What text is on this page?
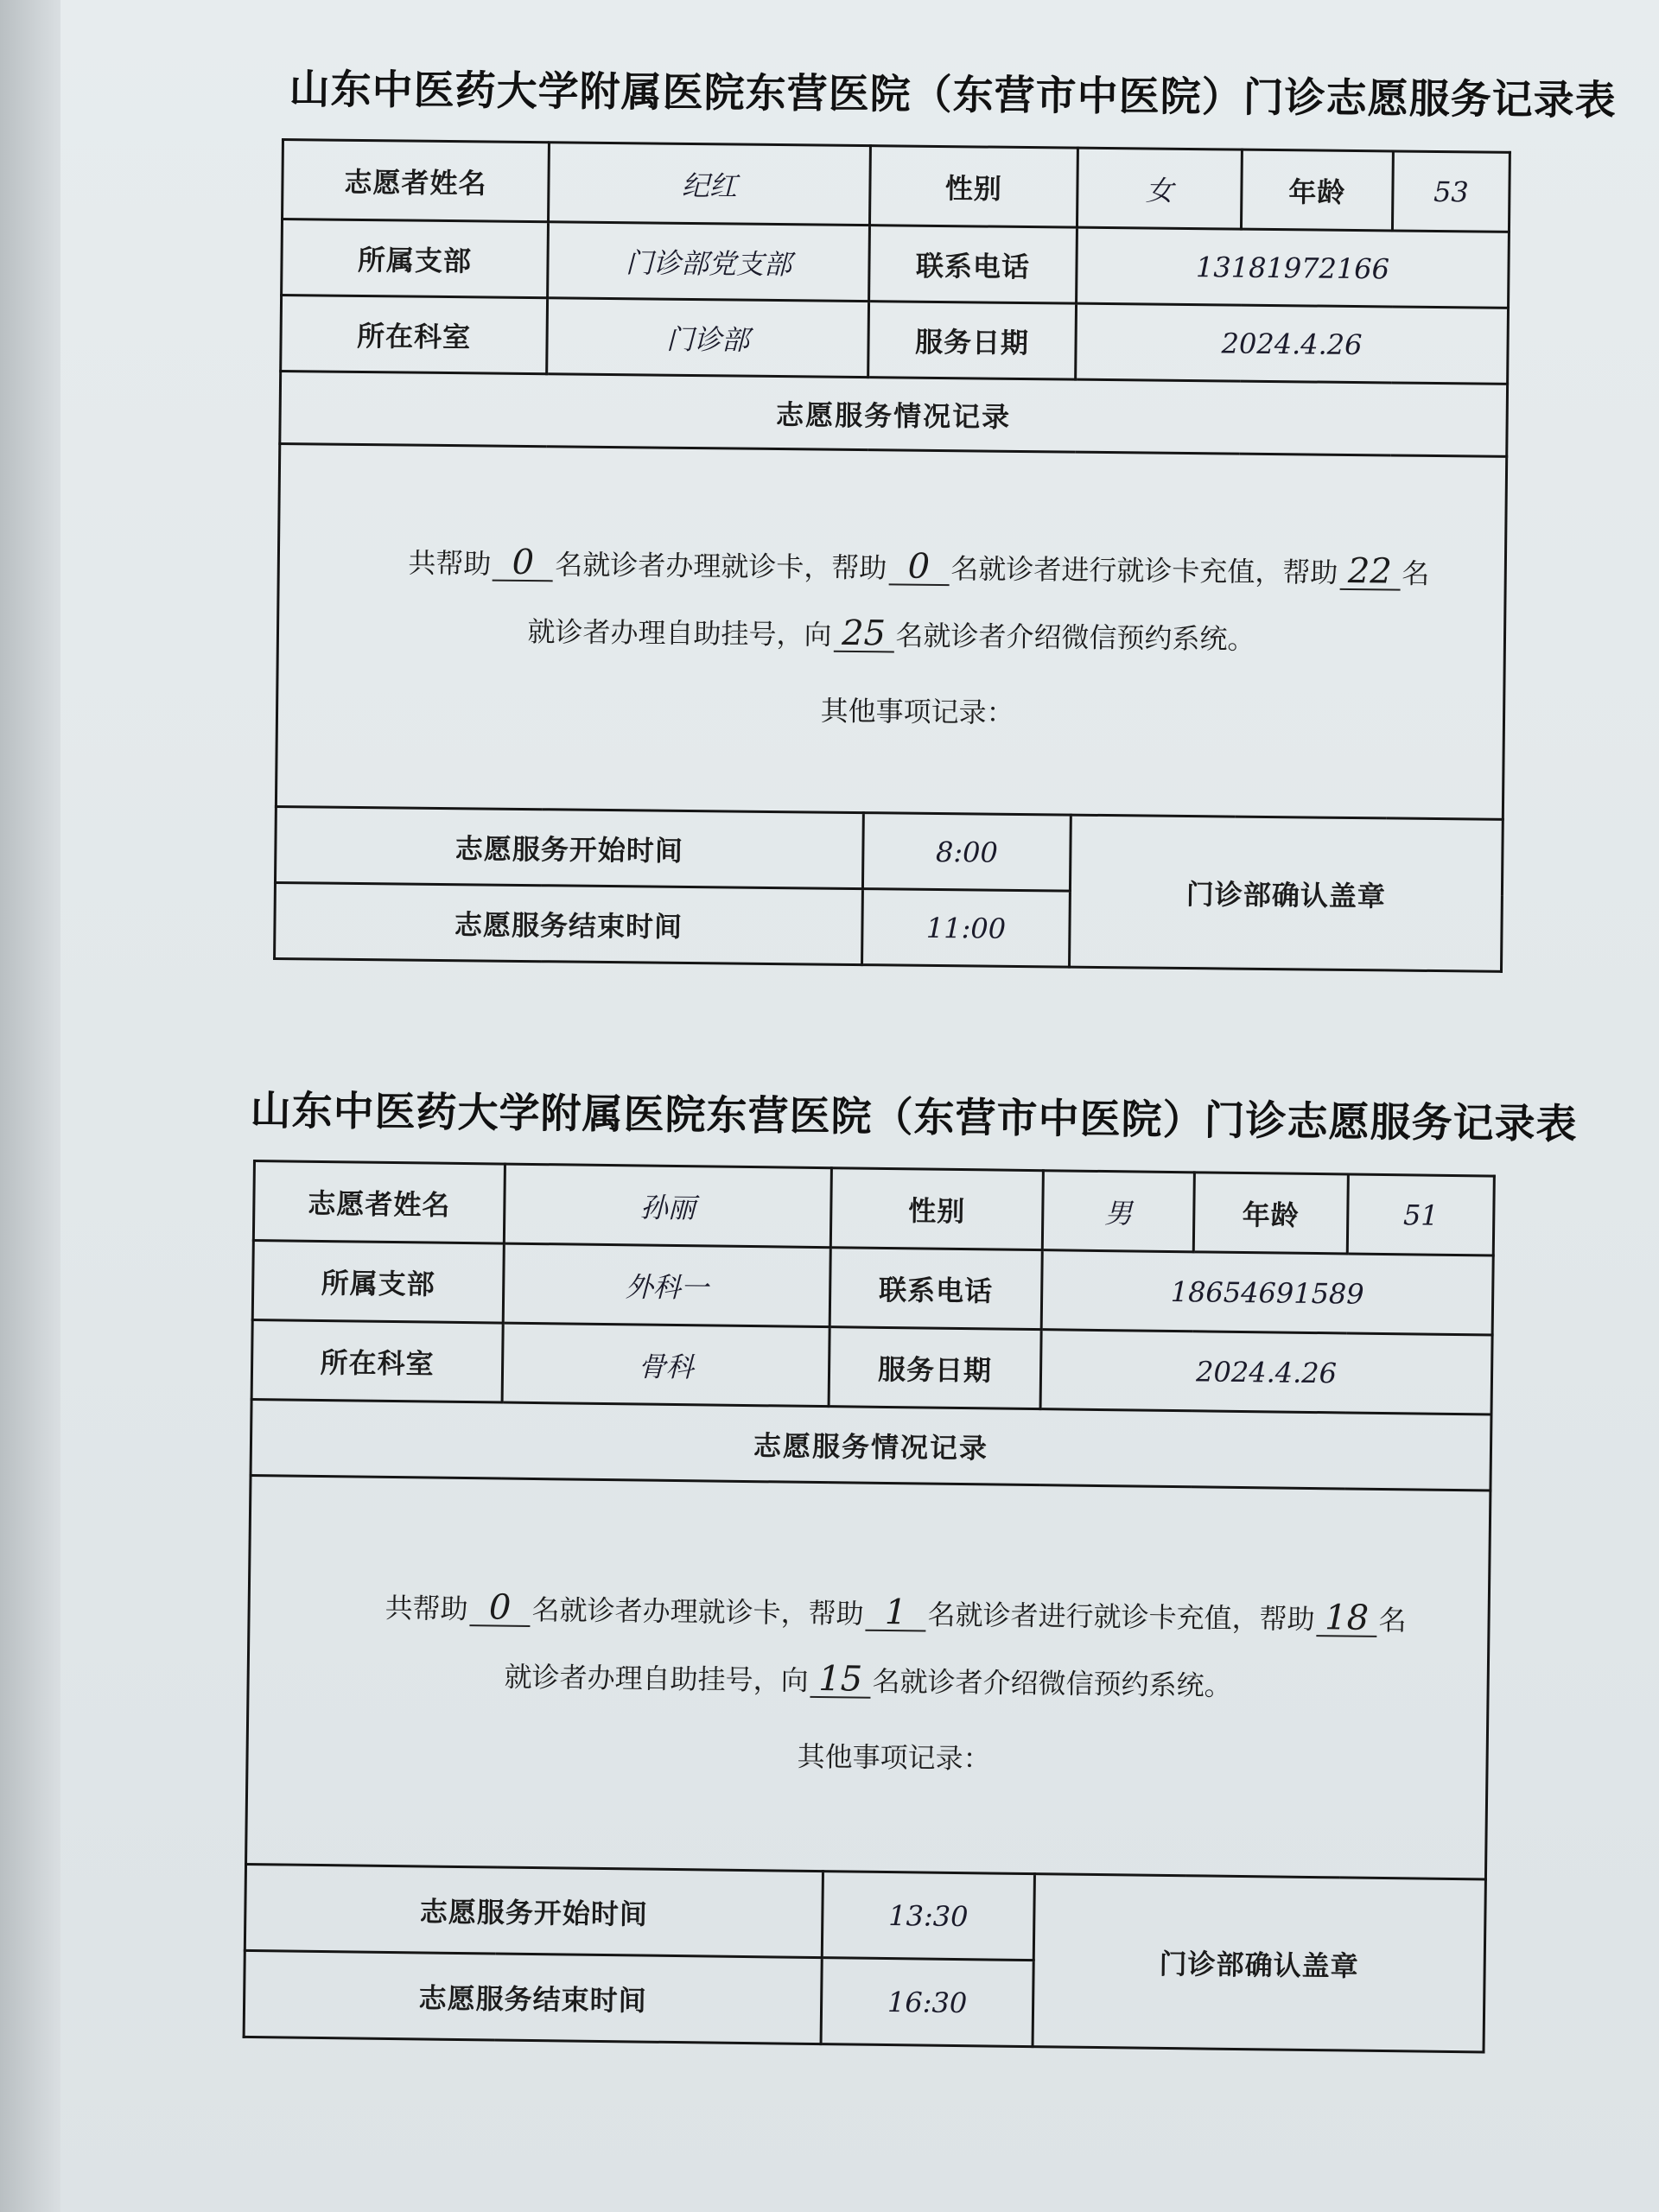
山东中医药大学附属医院东营医院（东营市中医院）门诊志愿服务记录表
志愿者姓名	纪红	性别	女	年龄	53
所属支部	门诊部党支部	联系电话	13181972166		
所在科室	门诊部	服务日期	2024.4.26		
志愿服务情况记录					

共帮助 0 名就诊者办理就诊卡，帮助 0 名就诊者进行就诊卡充值，帮助 22 名
就诊者办理自助挂号，向 25 名就诊者介绍微信预约系统。
其他事项记录：					

志愿服务开始时间		8:00	门诊部确认盖章		
志愿服务结束时间		11:00			
山东中医药大学附属医院东营医院（东营市中医院）门诊志愿服务记录表
志愿者姓名	孙丽	性别	男	年龄	51
所属支部	外科一	联系电话	18654691589		
所在科室	骨科	服务日期	2024.4.26		
志愿服务情况记录					

共帮助 0 名就诊者办理就诊卡，帮助 1 名就诊者进行就诊卡充值，帮助 18 名
就诊者办理自助挂号，向 15 名就诊者介绍微信预约系统。
其他事项记录：					

志愿服务开始时间		13:30	门诊部确认盖章		
志愿服务结束时间		16:30			
